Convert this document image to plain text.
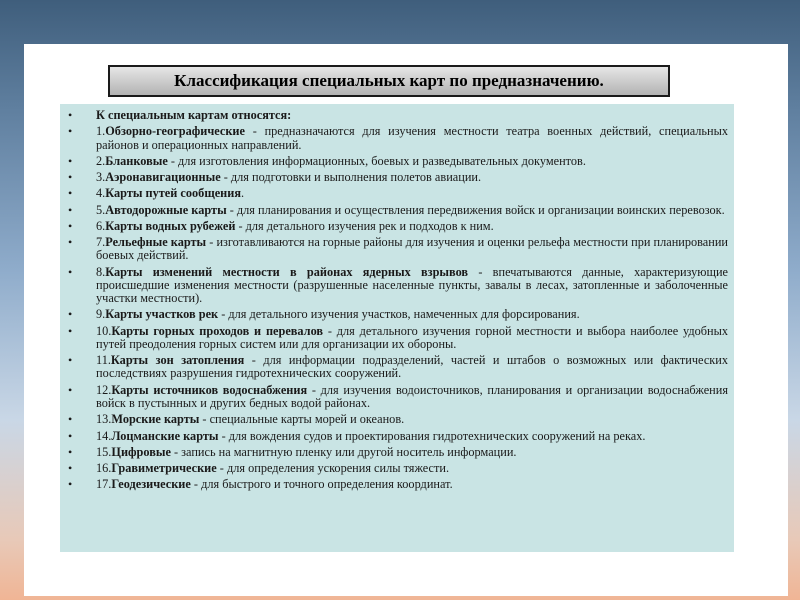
Классификация специальных карт по предназначению.
• К специальным картам относятся:
• 1.Обзорно-географические - предназначаются для изучения местности театра военных действий, специальных районов и операционных направлений.
• 2.Бланковые - для изготовления информационных, боевых и разведывательных документов.
• 3.Аэронавигационные - для подготовки и выполнения полетов авиации.
• 4.Карты путей сообщения.
• 5.Автодорожные карты - для планирования и осуществления передвижения войск и организации воинских перевозок.
• 6.Карты водных рубежей - для детального изучения рек и подходов к ним.
• 7.Рельефные карты - изготавливаются на горные районы для изучения и оценки рельефа местности при планировании боевых действий.
• 8.Карты изменений местности в районах ядерных взрывов - впечатываются данные, характеризующие происшедшие изменения местности (разрушенные населенные пункты, завалы в лесах, затопленные и заболоченные участки местности).
• 9.Карты участков рек - для детального изучения участков, намеченных для форсирования.
• 10.Карты горных проходов и перевалов - для детального изучения горной местности и выбора наиболее удобных путей преодоления горных систем или для организации их обороны.
• 11.Карты зон затопления - для информации подразделений, частей и штабов о возможных или фактических последствиях разрушения гидротехнических сооружений.
• 12.Карты источников водоснабжения - для изучения водоисточников, планирования и организации водоснабжения войск в пустынных и других бедных водой районах.
• 13.Морские карты - специальные карты морей и океанов.
• 14.Лоцманские карты - для вождения судов и проектирования гидротехнических сооружений на реках.
• 15.Цифровые - запись на магнитную пленку или другой носитель информации.
• 16.Гравиметрические - для определения ускорения силы тяжести.
• 17.Геодезические - для быстрого и точного определения координат.
